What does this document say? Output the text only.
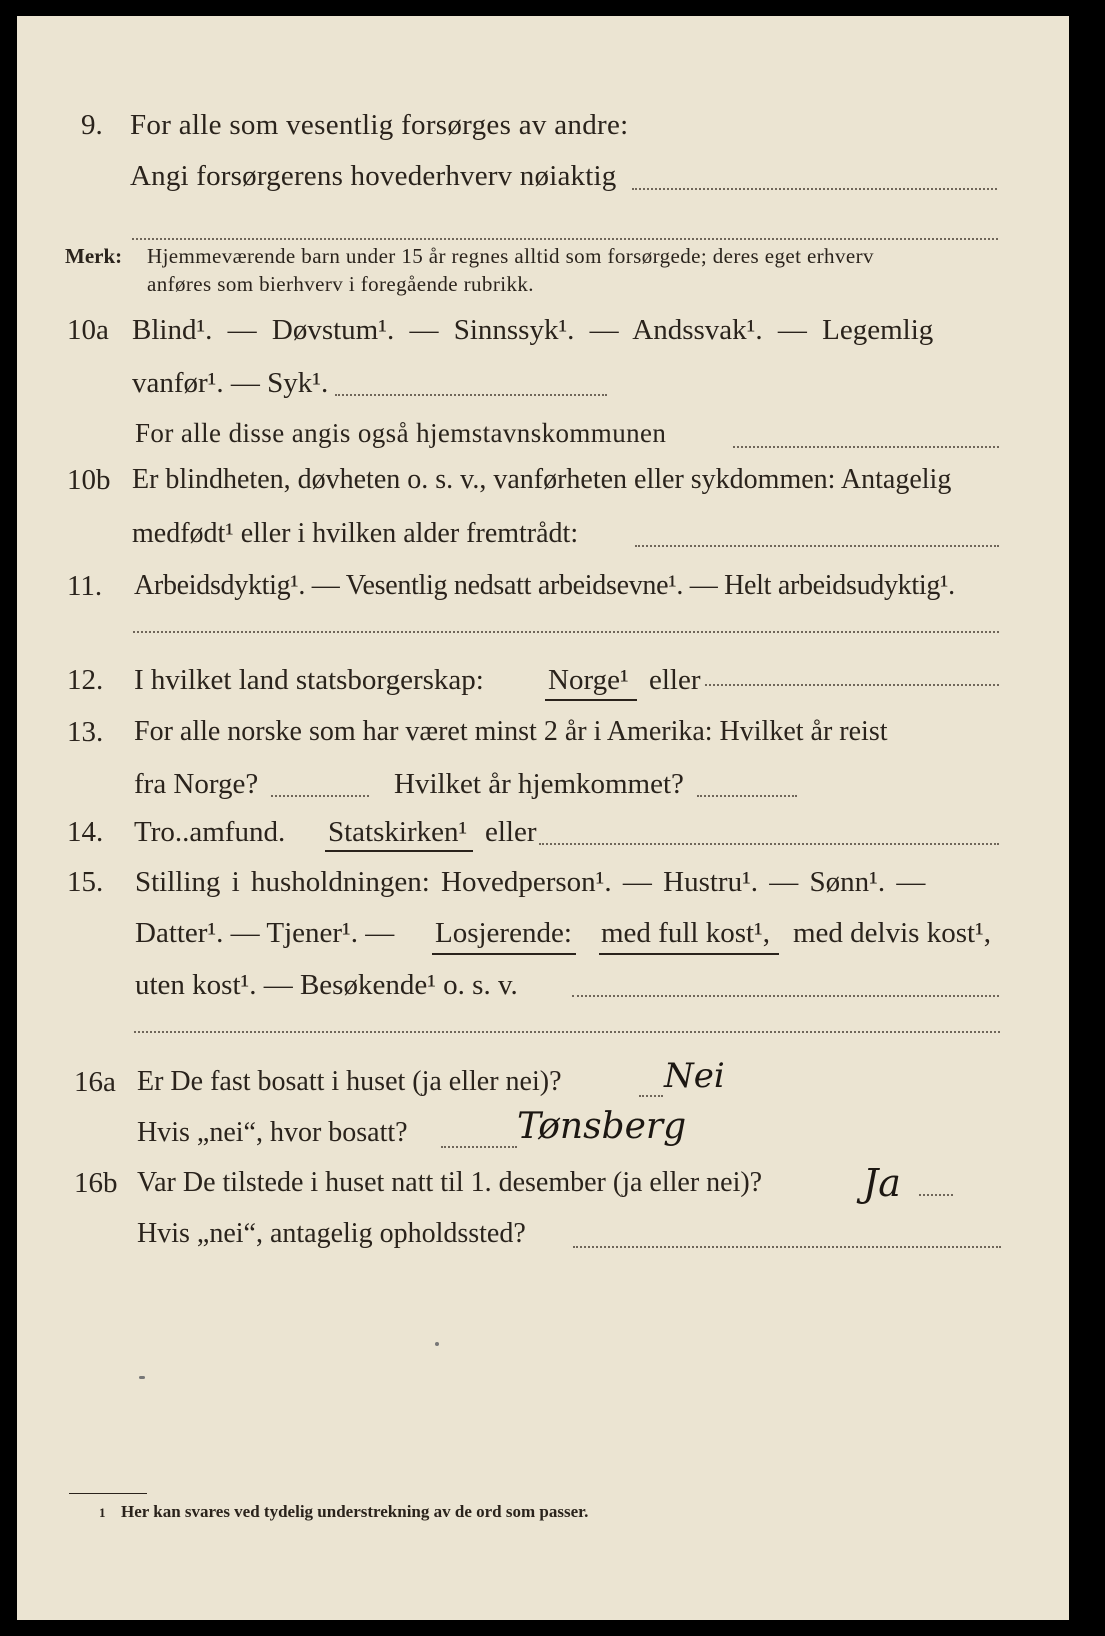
9. For alle som vesentlig forsørges av andre:
Angi forsørgerens hovederhverv nøiaktig
Merk: Hjemmeværende barn under 15 år regnes alltid som forsørgede; deres eget erhverv
anføres som bierhverv i foregående rubrikk.
10a Blind¹. — Døvstum¹. — Sinnssyk¹. — Andssvak¹. — Legemlig
vanfør¹. — Syk¹.
For alle disse angis også hjemstavnskommunen
10b Er blindheten, døvheten o. s. v., vanførheten eller sykdommen: Antagelig
medfødt¹ eller i hvilken alder fremtrådt:
11. Arbeidsdyktig¹. — Vesentlig nedsatt arbeidsevne¹. — Helt arbeidsudyktig¹.
12. I hvilket land statsborgerskap: Norge¹ eller
13. For alle norske som har været minst 2 år i Amerika: Hvilket år reist
fra Norge?	Hvilket år hjemkommet?
14. Tro..amfund. Statskirken¹ eller
15. Stilling i husholdningen: Hovedperson¹. — Hustru¹. — Sønn¹. —
Datter¹. — Tjener¹. — Losjerende: med full kost¹, med delvis kost¹,
uten kost¹. — Besøkende¹ o. s. v.
16a Er De fast bosatt i huset (ja eller nei)?	Nei
Hvis „nei“, hvor bosatt?	Tønsberg
16b Var De tilstede i huset natt til 1. desember (ja eller nei)?	Ja
Hvis „nei“, antagelig opholdssted?
1 Her kan svares ved tydelig understrekning av de ord som passer.
